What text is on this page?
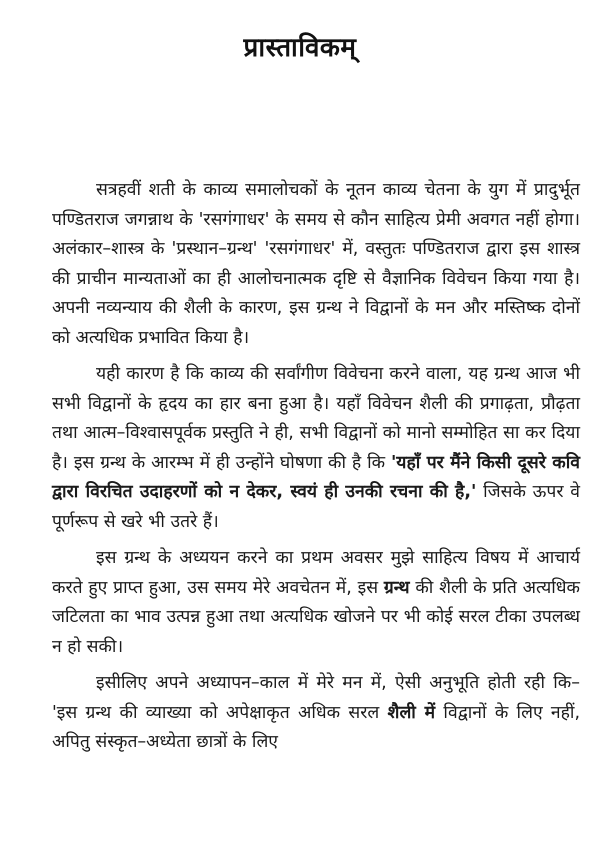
प्रास्ताविकम्

सत्रहवीं शती के काव्य समालोचकों के नूतन काव्य चेतना के युग में प्रादुर्भूत पण्डितराज जगन्नाथ के 'रसगंगाधर' के समय से कौन साहित्य प्रेमी अवगत नहीं होगा। अलंकार–शास्त्र के 'प्रस्थान–ग्रन्थ' 'रसगंगाधर' में, वस्तुतः पण्डितराज द्वारा इस शास्त्र की प्राचीन मान्यताओं का ही आलोचनात्मक दृष्टि से वैज्ञानिक विवेचन किया गया है। अपनी नव्यन्याय की शैली के कारण, इस ग्रन्थ ने विद्वानों के मन और मस्तिष्क दोनों को अत्यधिक प्रभावित किया है।

यही कारण है कि काव्य की सर्वांगीण विवेचना करने वाला, यह ग्रन्थ आज भी सभी विद्वानों के हृदय का हार बना हुआ है। यहाँ विवेचन शैली की प्रगाढ़ता, प्रौढ़ता तथा आत्म–विश्वासपूर्वक प्रस्तुति ने ही, सभी विद्वानों को मानो सम्मोहित सा कर दिया है। इस ग्रन्थ के आरम्भ में ही उन्होंने घोषणा की है कि 'यहाँ पर मैंने किसी दूसरे कवि द्वारा विरचित उदाहरणों को न देकर, स्वयं ही उनकी रचना की है,' जिसके ऊपर वे पूर्णरूप से खरे भी उतरे हैं।

इस ग्रन्थ के अध्ययन करने का प्रथम अवसर मुझे साहित्य विषय में आचार्य करते हुए प्राप्त हुआ, उस समय मेरे अवचेतन में, इस ग्रन्थ की शैली के प्रति अत्यधिक जटिलता का भाव उत्पन्न हुआ तथा अत्यधिक खोजने पर भी कोई सरल टीका उपलब्ध न हो सकी।

इसीलिए अपने अध्यापन–काल में मेरे मन में, ऐसी अनुभूति होती रही कि– 'इस ग्रन्थ की व्याख्या को अपेक्षाकृत अधिक सरल शैली में विद्वानों के लिए नहीं, अपितु संस्कृत–अध्येता छात्रों के लिए
